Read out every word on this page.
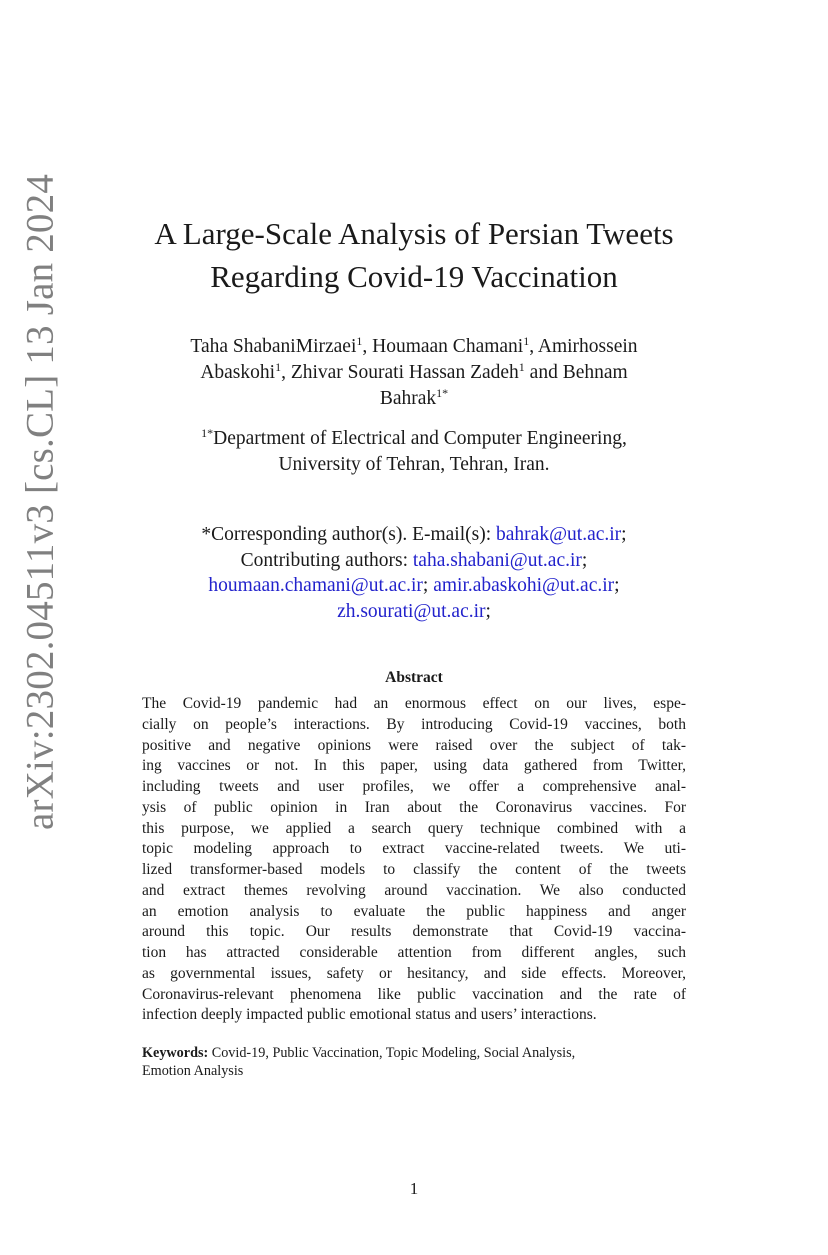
arXiv:2302.04511v3 [cs.CL] 13 Jan 2024	A Large-Scale Analysis of Persian Tweets
Regarding Covid-19 Vaccination
Taha ShabaniMirzaei$^1$, Houmaan Chamani$^1$, Amirhossein
Abaskohi$^1$, Zhivar Sourati Hassan Zadeh$^1$ and Behnam
Bahrak$^{1*}$
$^{1*}$Department of Electrical and Computer Engineering,
University of Tehran, Tehran, Iran.
*Corresponding author(s). E-mail(s): bahrak@ut.ac.ir;
Contributing authors: taha.shabani@ut.ac.ir;
houmaan.chamani@ut.ac.ir; amir.abaskohi@ut.ac.ir;
zh.sourati@ut.ac.ir;
Abstract
The Covid-19 pandemic had an enormous effect on our lives, espe-
cially on people’s interactions. By introducing Covid-19 vaccines, both
positive and negative opinions were raised over the subject of tak-
ing vaccines or not. In this paper, using data gathered from Twitter,
including tweets and user profiles, we offer a comprehensive anal-
ysis of public opinion in Iran about the Coronavirus vaccines. For
this purpose, we applied a search query technique combined with a
topic modeling approach to extract vaccine-related tweets. We uti-
lized transformer-based models to classify the content of the tweets
and extract themes revolving around vaccination. We also conducted
an emotion analysis to evaluate the public happiness and anger
around this topic. Our results demonstrate that Covid-19 vaccina-
tion has attracted considerable attention from different angles, such
as governmental issues, safety or hesitancy, and side effects. Moreover,
Coronavirus-relevant phenomena like public vaccination and the rate of
infection deeply impacted public emotional status and users’ interactions.
Keywords: Covid-19, Public Vaccination, Topic Modeling, Social Analysis,
Emotion Analysis
1
